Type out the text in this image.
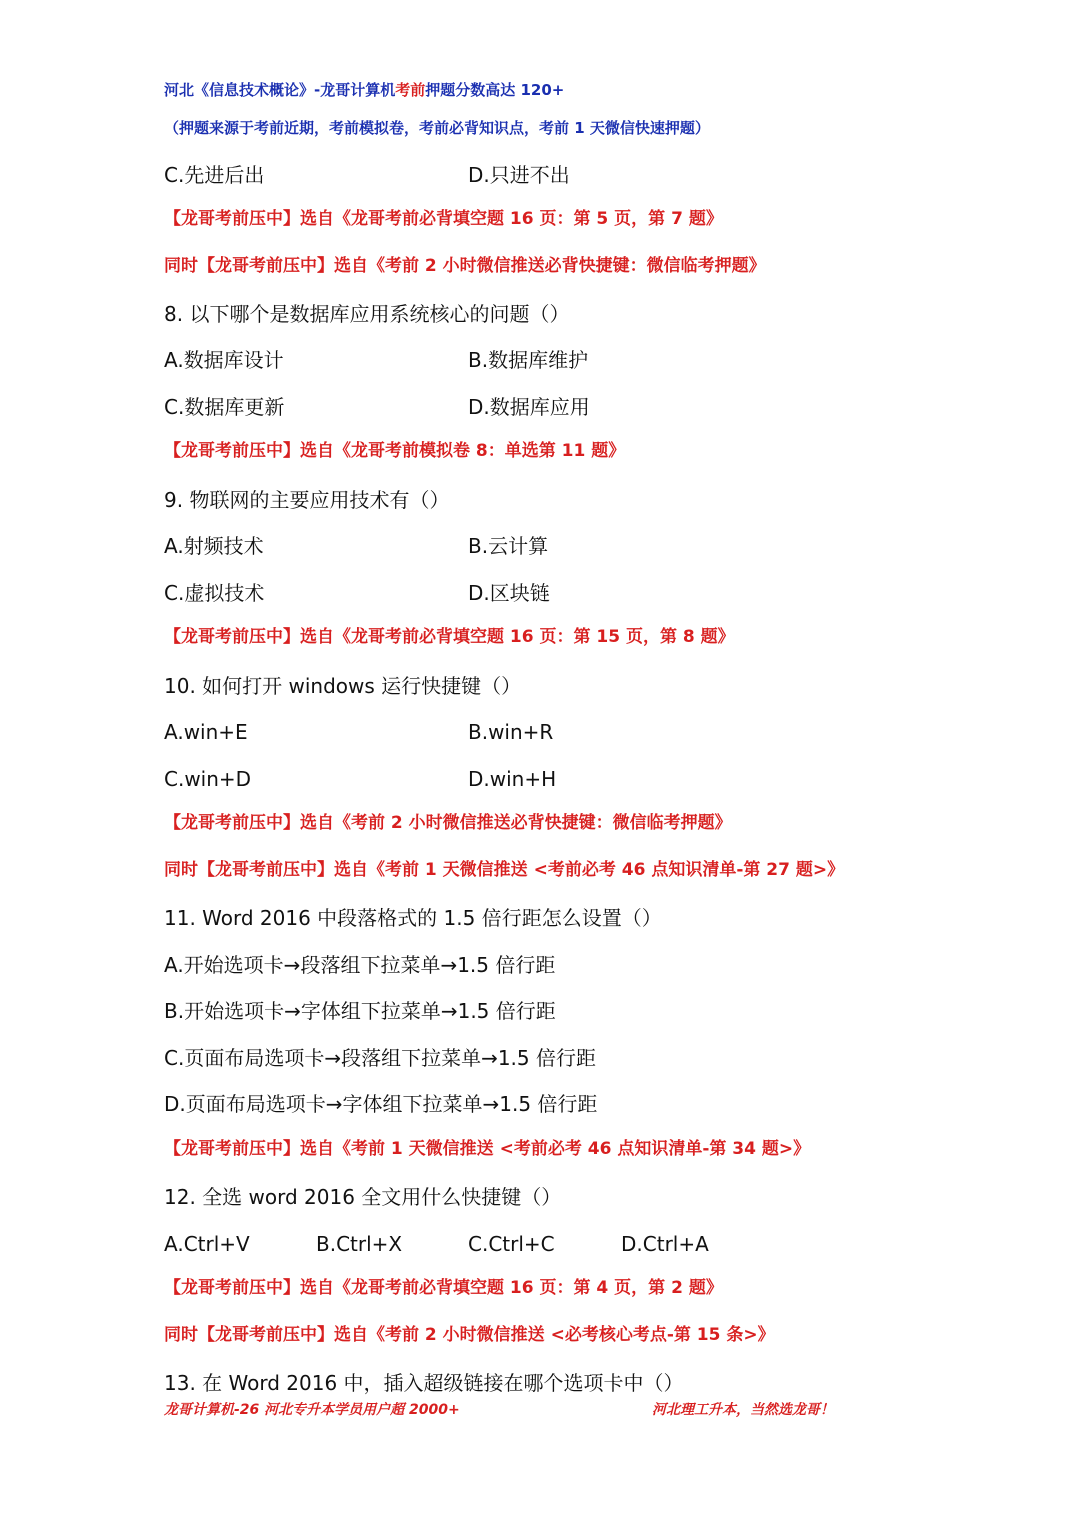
河北《信息技术概论》-龙哥计算机考前押题分数高达 120+
（押题来源于考前近期，考前模拟卷，考前必背知识点，考前 1 天微信快速押题）
C.先进后出	D.只进不出
【龙哥考前压中】选自《龙哥考前必背填空题 16 页：第 5 页，第 7 题》
同时【龙哥考前压中】选自《考前 2 小时微信推送必背快捷键：微信临考押题》
8. 以下哪个是数据库应用系统核心的问题（）
A.数据库设计	B.数据库维护
C.数据库更新	D.数据库应用
【龙哥考前压中】选自《龙哥考前模拟卷 8：单选第 11 题》
9. 物联网的主要应用技术有（）
A.射频技术	B.云计算
C.虚拟技术	D.区块链
【龙哥考前压中】选自《龙哥考前必背填空题 16 页：第 15 页，第 8 题》
10. 如何打开 windows 运行快捷键（）
A.win+E	B.win+R
C.win+D	D.win+H
【龙哥考前压中】选自《考前 2 小时微信推送必背快捷键：微信临考押题》
同时【龙哥考前压中】选自《考前 1 天微信推送 <考前必考 46 点知识清单-第 27 题>》
11. Word 2016 中段落格式的 1.5 倍行距怎么设置（）
A.开始选项卡→段落组下拉菜单→1.5 倍行距
B.开始选项卡→字体组下拉菜单→1.5 倍行距
C.页面布局选项卡→段落组下拉菜单→1.5 倍行距
D.页面布局选项卡→字体组下拉菜单→1.5 倍行距
【龙哥考前压中】选自《考前 1 天微信推送 <考前必考 46 点知识清单-第 34 题>》
12. 全选 word 2016 全文用什么快捷键（）
A.Ctrl+V	B.Ctrl+X	C.Ctrl+C	D.Ctrl+A
【龙哥考前压中】选自《龙哥考前必背填空题 16 页：第 4 页，第 2 题》
同时【龙哥考前压中】选自《考前 2 小时微信推送 <必考核心考点-第 15 条>》
13. 在 Word 2016 中，插入超级链接在哪个选项卡中（）
龙哥计算机-26 河北专升本学员用户超 2000+	河北理工升本，当然选龙哥！
